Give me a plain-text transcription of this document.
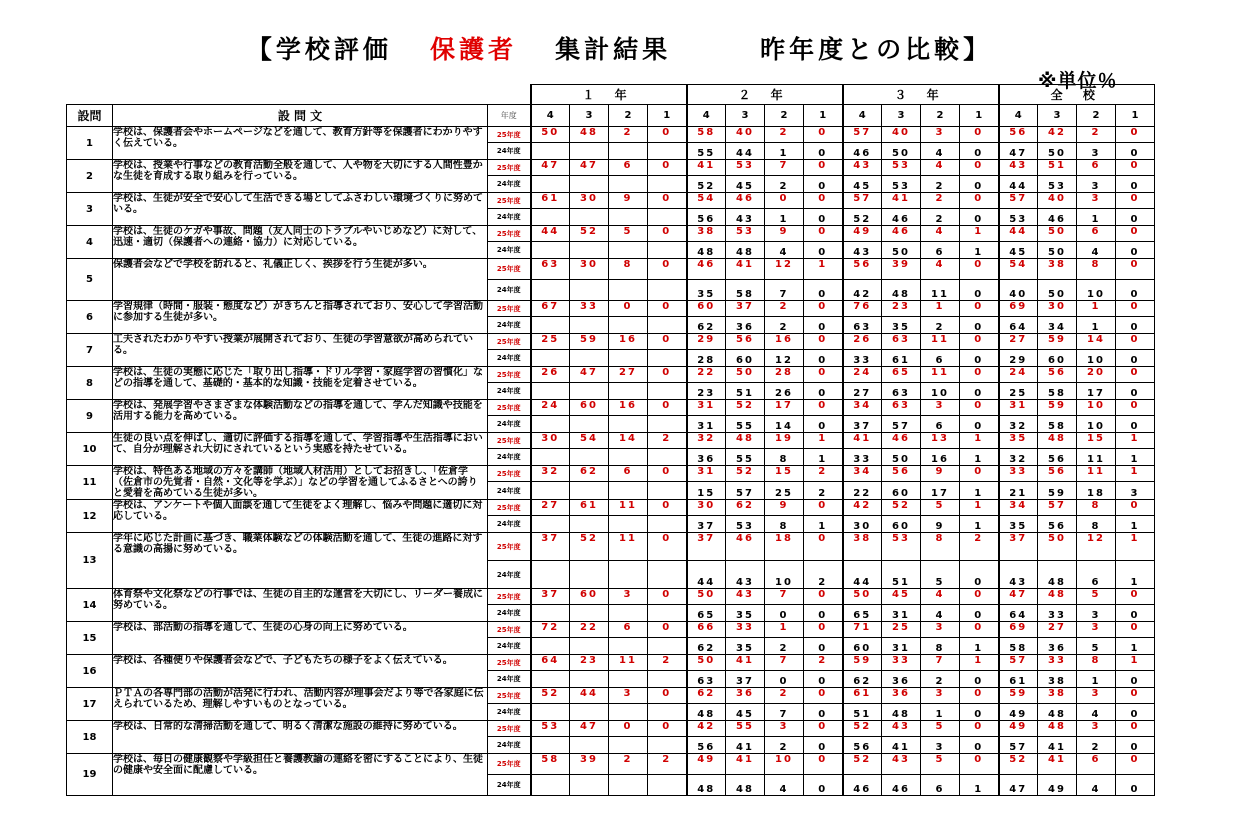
【学校評価 保護者 集計結果	昨年度との比較】
※単位％
			１ 年				２ 年				３ 年				全 校			
設問	設 問 文	年度	4	3	2	1	4	3	2	1	4	3	2	1	4	3	2	1
1	学校は、保護者会やホームページなどを通して、教育方針等を保護者にわかりやすく伝えている。	25年度	50	48	2	0	58	40	2	0	57	40	3	0	56	42	2	0
		24年度					55	44	1	0	46	50	4	0	47	50	3	0
2	学校は、授業や行事などの教育活動全般を通して、人や物を大切にする人間性豊かな生徒を育成する取り組みを行っている。	25年度	47	47	6	0	41	53	7	0	43	53	4	0	43	51	6	0
		24年度					52	45	2	0	45	53	2	0	44	53	3	0
3	学校は、生徒が安全で安心して生活できる場としてふさわしい環境づくりに努めている。	25年度	61	30	9	0	54	46	0	0	57	41	2	0	57	40	3	0
		24年度					56	43	1	0	52	46	2	0	53	46	1	0
4	学校は、生徒のケガや事故、問題（友人同士のトラブルやいじめなど）に対して、迅速・適切（保護者への連絡・協力）に対応している。	25年度	44	52	5	0	38	53	9	0	49	46	4	1	44	50	6	0
		24年度					48	48	4	0	43	50	6	1	45	50	4	0
5	保護者会などで学校を訪れると、礼儀正しく、挨拶を行う生徒が多い。	25年度	63	30	8	0	46	41	12	1	56	39	4	0	54	38	8	0
		24年度					35	58	7	0	42	48	11	0	40	50	10	0
6	学習規律（時間・服装・態度など）がきちんと指導されており、安心して学習活動に参加する生徒が多い。	25年度	67	33	0	0	60	37	2	0	76	23	1	0	69	30	1	0
		24年度					62	36	2	0	63	35	2	0	64	34	1	0
7	工夫されたわかりやすい授業が展開されており、生徒の学習意欲が高められている。	25年度	25	59	16	0	29	56	16	0	26	63	11	0	27	59	14	0
		24年度					28	60	12	0	33	61	6	0	29	60	10	0
8	学校は、生徒の実態に応じた「取り出し指導・ドリル学習・家庭学習の習慣化」などの指導を通して、基礎的・基本的な知識・技能を定着させている。	25年度	26	47	27	0	22	50	28	0	24	65	11	0	24	56	20	0
		24年度					23	51	26	0	27	63	10	0	25	58	17	0
9	学校は、発展学習やさまざまな体験活動などの指導を通して、学んだ知識や技能を活用する能力を高めている。	25年度	24	60	16	0	31	52	17	0	34	63	3	0	31	59	10	0
		24年度					31	55	14	0	37	57	6	0	32	58	10	0
10	生徒の良い点を伸ばし、適切に評価する指導を通して、学習指導や生活指導において、自分が理解され大切にされているという実感を持たせている。	25年度	30	54	14	2	32	48	19	1	41	46	13	1	35	48	15	1
		24年度					36	55	8	1	33	50	16	1	32	56	11	1
11	学校は、特色ある地域の方々を講師（地域人材活用）としてお招きし、「佐倉学（佐倉市の先覚者・自然・文化等を学ぶ）」などの学習を通してふるさとへの誇りと愛着を高めている生徒が多い。	25年度	32	62	6	0	31	52	15	2	34	56	9	0	33	56	11	1
		24年度					15	57	25	2	22	60	17	1	21	59	18	3
12	学校は、アンケートや個人面談を通して生徒をよく理解し、悩みや問題に適切に対応している。	25年度	27	61	11	0	30	62	9	0	42	52	5	1	34	57	8	0
		24年度					37	53	8	1	30	60	9	1	35	56	8	1
13	学年に応じた計画に基づき、職業体験などの体験活動を通して、生徒の進路に対する意識の高揚に努めている。	25年度	37	52	11	0	37	46	18	0	38	53	8	2	37	50	12	1
		24年度					44	43	10	2	44	51	5	0	43	48	6	1
14	体育祭や文化祭などの行事では、生徒の自主的な運営を大切にし、リーダー養成に努めている。	25年度	37	60	3	0	50	43	7	0	50	45	4	0	47	48	5	0
		24年度					65	35	0	0	65	31	4	0	64	33	3	0
15	学校は、部活動の指導を通して、生徒の心身の向上に努めている。	25年度	72	22	6	0	66	33	1	0	71	25	3	0	69	27	3	0
		24年度					62	35	2	0	60	31	8	1	58	36	5	1
16	学校は、各種便りや保護者会などで、子どもたちの様子をよく伝えている。	25年度	64	23	11	2	50	41	7	2	59	33	7	1	57	33	8	1
		24年度					63	37	0	0	62	36	2	0	61	38	1	0
17	ＰＴＡの各専門部の活動が活発に行われ、活動内容が理事会だより等で各家庭に伝えられているため、理解しやすいものとなっている。	25年度	52	44	3	0	62	36	2	0	61	36	3	0	59	38	3	0
		24年度					48	45	7	0	51	48	1	0	49	48	4	0
18	学校は、日常的な清掃活動を通して、明るく清潔な施設の維持に努めている。	25年度	53	47	0	0	42	55	3	0	52	43	5	0	49	48	3	0
		24年度					56	41	2	0	56	41	3	0	57	41	2	0
19	学校は、毎日の健康観察や学級担任と養護教諭の連絡を密にすることにより、生徒の健康や安全面に配慮している。	25年度	58	39	2	2	49	41	10	0	52	43	5	0	52	41	6	0
		24年度					48	48	4	0	46	46	6	1	47	49	4	0
